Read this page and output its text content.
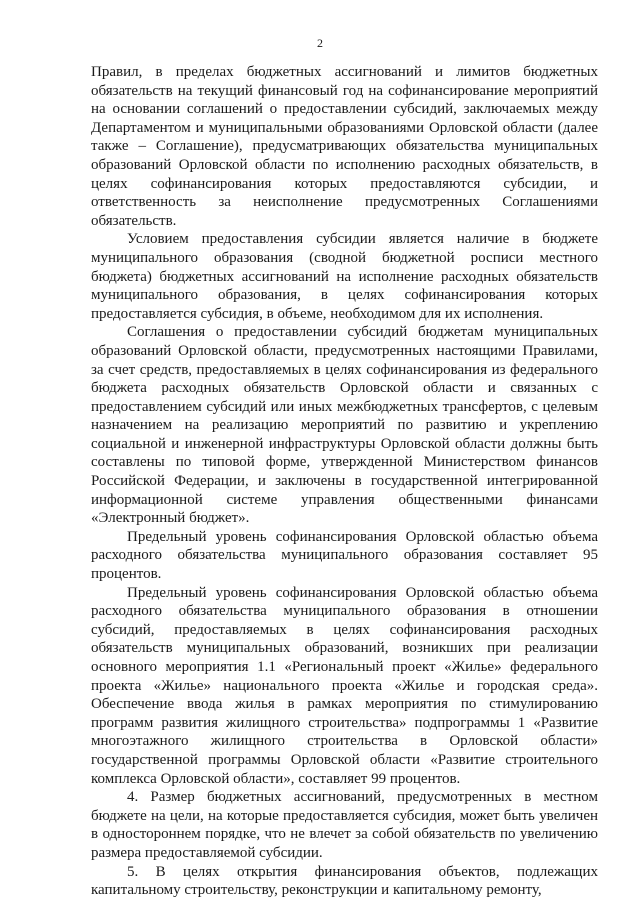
2

Правил, в пределах бюджетных ассигнований и лимитов бюджетных обязательств на текущий финансовый год на софинансирование мероприятий на основании соглашений о предоставлении субсидий, заключаемых между Департаментом и муниципальными образованиями Орловской области (далее также – Соглашение), предусматривающих обязательства муниципальных образований Орловской области по исполнению расходных обязательств, в целях софинансирования которых предоставляются субсидии, и ответственность за неисполнение предусмотренных Соглашениями обязательств.

Условием предоставления субсидии является наличие в бюджете муниципального образования (сводной бюджетной росписи местного бюджета) бюджетных ассигнований на исполнение расходных обязательств муниципального образования, в целях софинансирования которых предоставляется субсидия, в объеме, необходимом для их исполнения.

Соглашения о предоставлении субсидий бюджетам муниципальных образований Орловской области, предусмотренных настоящими Правилами, за счет средств, предоставляемых в целях софинансирования из федерального бюджета расходных обязательств Орловской области и связанных с предоставлением субсидий или иных межбюджетных трансфертов, с целевым назначением на реализацию мероприятий по развитию и укреплению социальной и инженерной инфраструктуры Орловской области должны быть составлены по типовой форме, утвержденной Министерством финансов Российской Федерации, и заключены в государственной интегрированной информационной системе управления общественными финансами «Электронный бюджет».

Предельный уровень софинансирования Орловской областью объема расходного обязательства муниципального образования составляет 95 процентов.

Предельный уровень софинансирования Орловской областью объема расходного обязательства муниципального образования в отношении субсидий, предоставляемых в целях софинансирования расходных обязательств муниципальных образований, возникших при реализации основного мероприятия 1.1 «Региональный проект «Жилье» федерального проекта «Жилье» национального проекта «Жилье и городская среда». Обеспечение ввода жилья в рамках мероприятия по стимулированию программ развития жилищного строительства» подпрограммы 1 «Развитие многоэтажного жилищного строительства в Орловской области» государственной программы Орловской области «Развитие строительного комплекса Орловской области», составляет 99 процентов.

4. Размер бюджетных ассигнований, предусмотренных в местном бюджете на цели, на которые предоставляется субсидия, может быть увеличен в одностороннем порядке, что не влечет за собой обязательств по увеличению размера предоставляемой субсидии.

5. В целях открытия финансирования объектов, подлежащих капитальному строительству, реконструкции и капитальному ремонту,
